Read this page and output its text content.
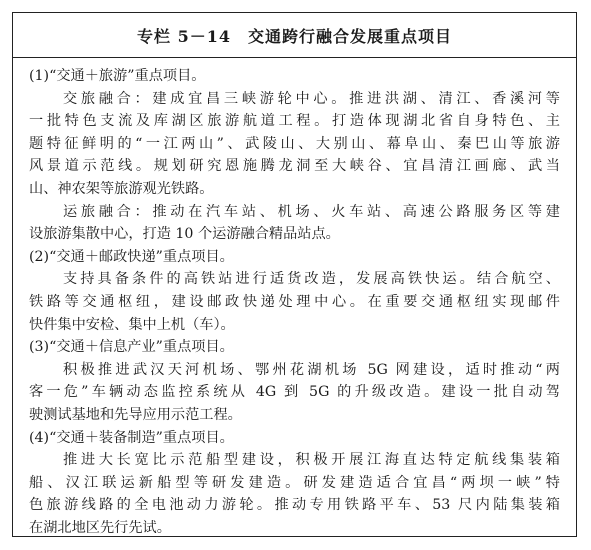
专栏 5－14　交通跨行融合发展重点项目
(1)“交通＋旅游”重点项目。
交旅融合：建成宜昌三峡游轮中心。推进洪湖、清江、香溪河等
一批特色支流及库湖区旅游航道工程。打造体现湖北省自身特色、主
题特征鲜明的“一江两山”、武陵山、大别山、幕阜山、秦巴山等旅游
风景道示范线。规划研究恩施腾龙洞至大峡谷、宜昌清江画廊、武当
山、神农架等旅游观光铁路。
运旅融合：推动在汽车站、机场、火车站、高速公路服务区等建
设旅游集散中心，打造 10 个运游融合精品站点。
(2)“交通＋邮政快递”重点项目。
支持具备条件的高铁站进行适货改造，发展高铁快运。结合航空、
铁路等交通枢纽，建设邮政快递处理中心。在重要交通枢纽实现邮件
快件集中安检、集中上机（车）。
(3)“交通＋信息产业”重点项目。
积极推进武汉天河机场、鄂州花湖机场 5G 网建设，适时推动“两
客一危”车辆动态监控系统从 4G 到 5G 的升级改造。建设一批自动驾
驶测试基地和先导应用示范工程。
(4)“交通＋装备制造”重点项目。
推进大长宽比示范船型建设，积极开展江海直达特定航线集装箱
船、汉江联运新船型等研发建造。研发建造适合宜昌“两坝一峡”特
色旅游线路的全电池动力游轮。推动专用铁路平车、53 尺内陆集装箱
在湖北地区先行先试。
